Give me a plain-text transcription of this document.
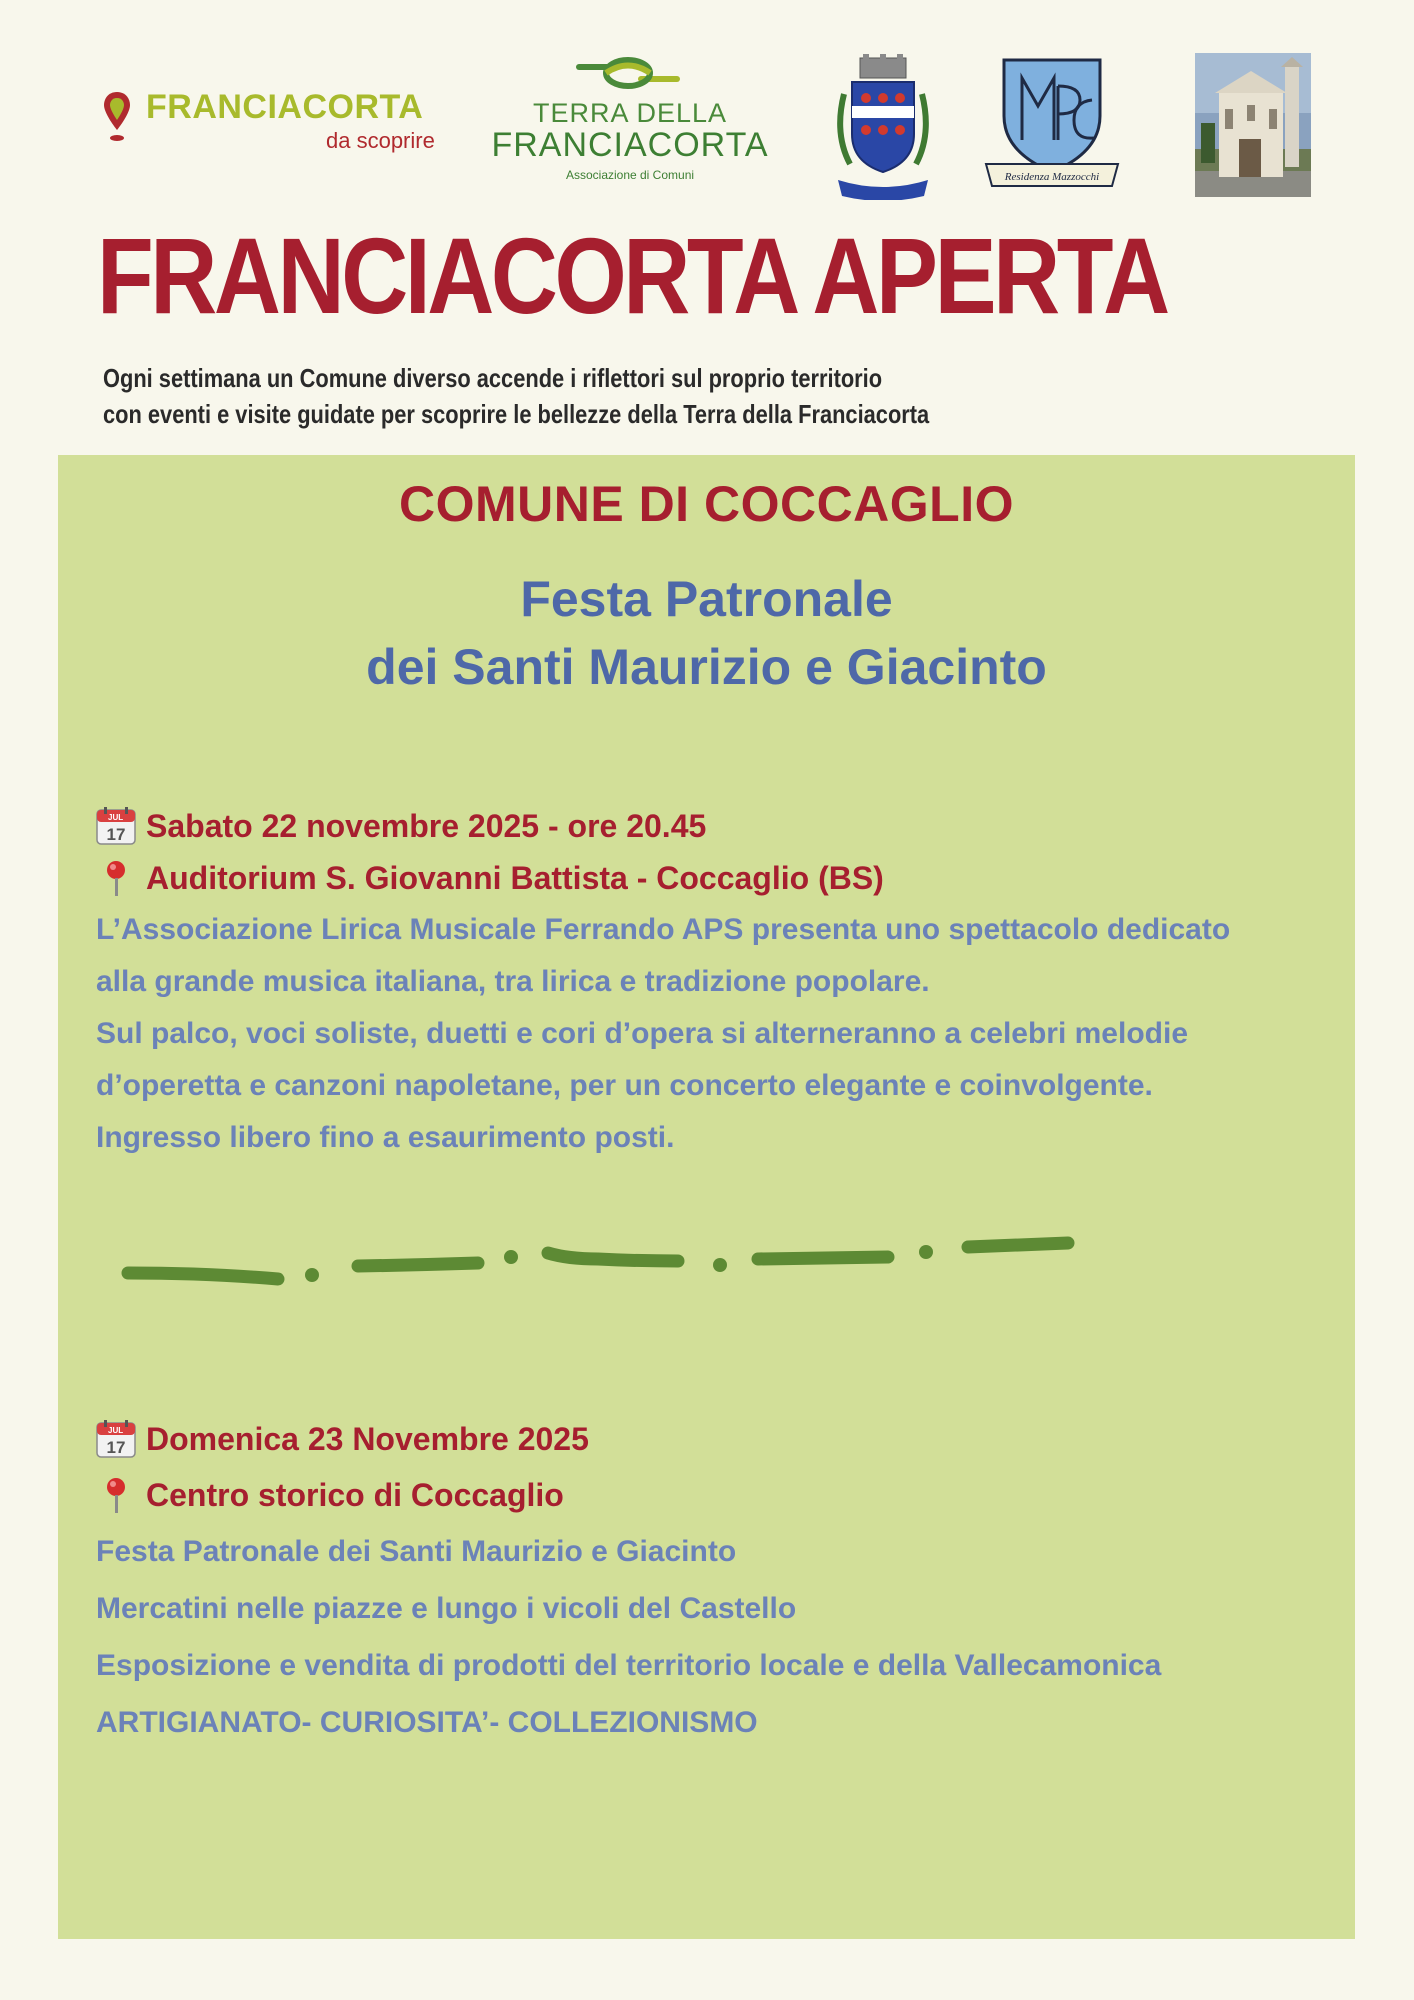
FRANCIACORTA
da scoprire
TERRA DELLA
FRANCIACORTA
Associazione di Comuni	Residenza Mazzocchi
FRANCIACORTA APERTA
Ogni settimana un Comune diverso accende i riflettori sul proprio territorio
con eventi e visite guidate per scoprire le bellezze della Terra della Franciacorta
COMUNE DI COCCAGLIO
Festa Patronale
dei Santi Maurizio e Giacinto
JUL
17 Sabato 22 novembre 2025 - ore 20.45
Auditorium S. Giovanni Battista - Coccaglio (BS)
L’Associazione Lirica Musicale Ferrando APS presenta uno spettacolo dedicato
alla grande musica italiana, tra lirica e tradizione popolare.
Sul palco, voci soliste, duetti e cori d’opera si alterneranno a celebri melodie
d’operetta e canzoni napoletane, per un concerto elegante e coinvolgente.
Ingresso libero fino a esaurimento posti.
JUL
17 Domenica 23 Novembre 2025
Centro storico di Coccaglio
Festa Patronale dei Santi Maurizio e Giacinto
Mercatini nelle piazze e lungo i vicoli del Castello
Esposizione e vendita di prodotti del territorio locale e della Vallecamonica
ARTIGIANATO- CURIOSITA’- COLLEZIONISMO
